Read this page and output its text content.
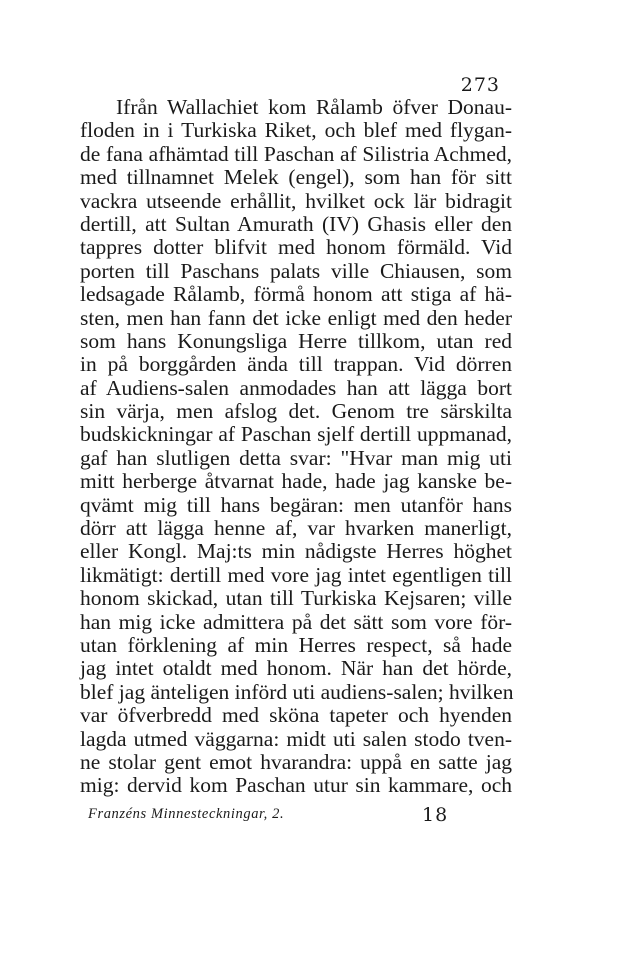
273
Ifrån Wallachiet kom Rålamb öfver Donau-
floden in i Turkiska Riket, och blef med flygan-
de fana afhämtad till Paschan af Silistria Achmed,
med tillnamnet Melek (engel), som han för sitt
vackra utseende erhållit, hvilket ock lär bidragit
dertill, att Sultan Amurath (IV) Ghasis eller den
tappres dotter blifvit med honom förmäld. Vid
porten till Paschans palats ville Chiausen, som
ledsagade Rålamb, förmå honom att stiga af hä-
sten, men han fann det icke enligt med den heder
som hans Konungsliga Herre tillkom, utan red
in på borggården ända till trappan. Vid dörren
af Audiens-salen anmodades han att lägga bort
sin värja, men afslog det. Genom tre särskilta
budskickningar af Paschan sjelf dertill uppmanad,
gaf han slutligen detta svar: "Hvar man mig uti
mitt herberge åtvarnat hade, hade jag kanske be-
qvämt mig till hans begäran: men utanför hans
dörr att lägga henne af, var hvarken manerligt,
eller Kongl. Maj:ts min nådigste Herres höghet
likmätigt: dertill med vore jag intet egentligen till
honom skickad, utan till Turkiska Kejsaren; ville
han mig icke admittera på det sätt som vore för-
utan förklening af min Herres respect, så hade
jag intet otaldt med honom. När han det hörde,
blef jag änteligen införd uti audiens-salen; hvilken
var öfverbredd med sköna tapeter och hyenden
lagda utmed väggarna: midt uti salen stodo tven-
ne stolar gent emot hvarandra: uppå en satte jag
mig: dervid kom Paschan utur sin kammare, och
Franzéns Minnesteckningar, 2.	18
